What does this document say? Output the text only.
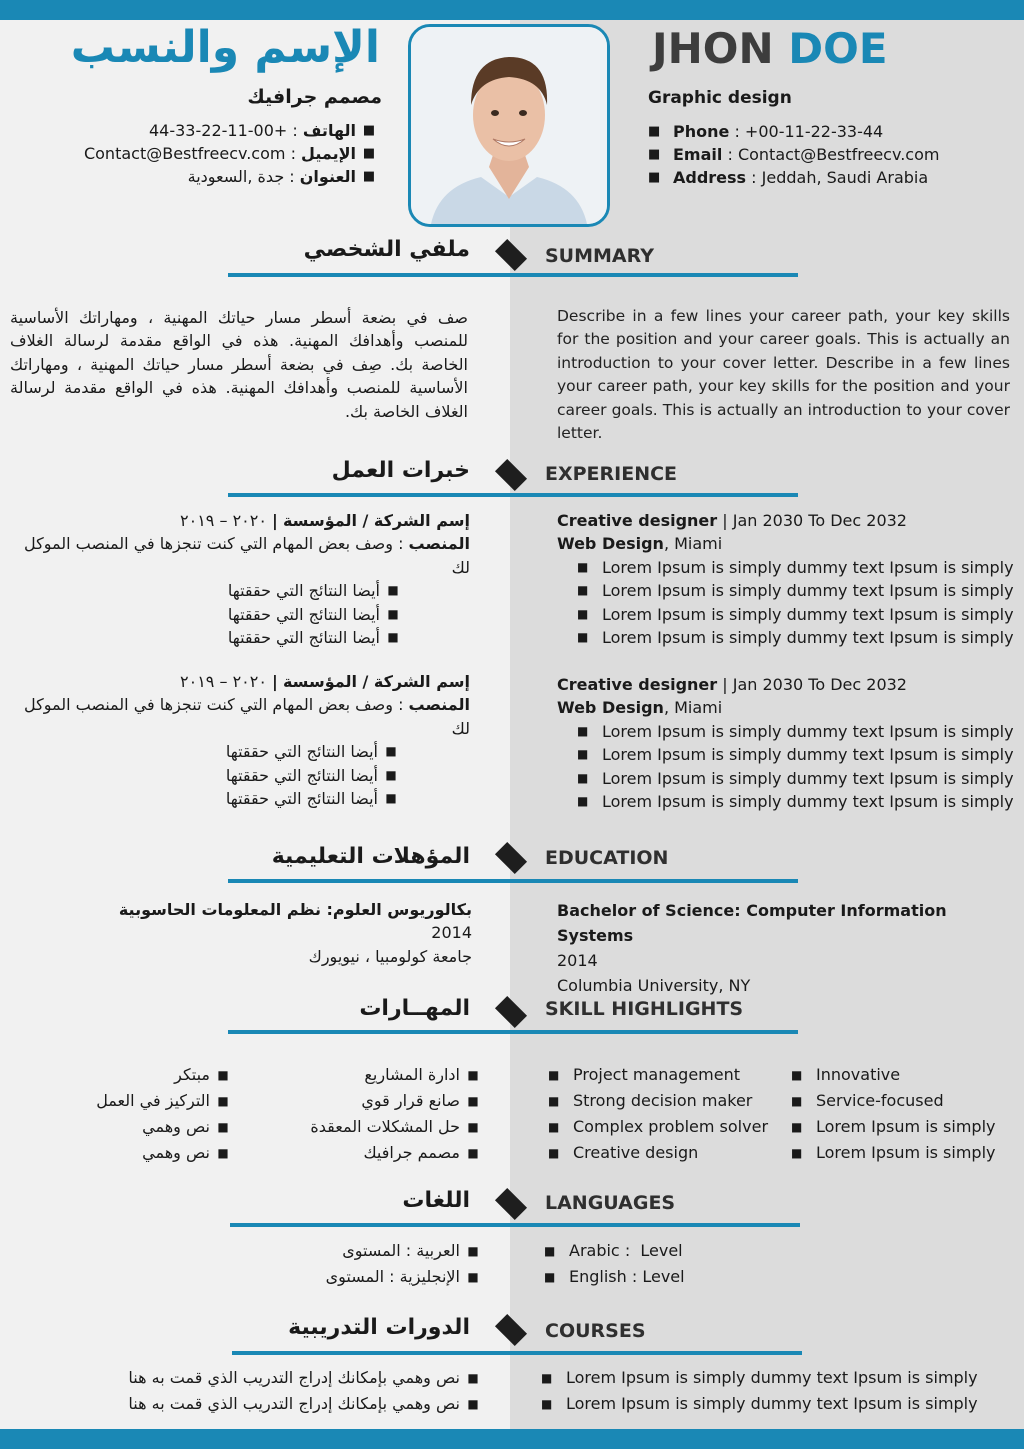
الإسم والنسب
مصمم جرافيك
الهاتف : +00-11-22-33-44	■
الإيميل : Contact@Bestfreecv.com	■
العنوان : جدة ,السعودية	■
JHON DOE
Graphic design
■ Phone : +00-11-22-33-44
■ Email : Contact@Bestfreecv.com
■ Address : Jeddah, Saudi Arabia
ملفي الشخصي	SUMMARY
صف في بضعة أسطر مسار حياتك المهنية ، ومهاراتك الأساسية للمنصب وأهدافك المهنية. هذه في الواقع مقدمة لرسالة الغلاف الخاصة بك. صِف في بضعة أسطر مسار حياتك المهنية ، ومهاراتك الأساسية للمنصب وأهدافك المهنية. هذه في الواقع مقدمة لرسالة الغلاف الخاصة بك.
Describe in a few lines your career path, your key skills for the position and your career goals. This is actually an introduction to your cover letter. Describe in a few lines your career path, your key skills for the position and your career goals. This is actually an introduction to your cover letter.
خبرات العمل	EXPERIENCE
إسم الشركة / المؤسسة | ٢٠٢٠ – ٢٠١٩
المنصب : وصف بعض المهام التي كنت تنجزها في المنصب الموكل لك
■
أيضا النتائج التي حققتها
■
أيضا النتائج التي حققتها
■
أيضا النتائج التي حققتها
إسم الشركة / المؤسسة | ٢٠٢٠ – ٢٠١٩
المنصب : وصف بعض المهام التي كنت تنجزها في المنصب الموكل لك
■
أيضا النتائج التي حققتها
■
أيضا النتائج التي حققتها
■
أيضا النتائج التي حققتها
Creative designer | Jan 2030 To Dec 2032
Web Design, Miami
■ Lorem Ipsum is simply dummy text Ipsum is simply
■ Lorem Ipsum is simply dummy text Ipsum is simply
■ Lorem Ipsum is simply dummy text Ipsum is simply
■ Lorem Ipsum is simply dummy text Ipsum is simply
Creative designer | Jan 2030 To Dec 2032
Web Design, Miami
■ Lorem Ipsum is simply dummy text Ipsum is simply
■ Lorem Ipsum is simply dummy text Ipsum is simply
■ Lorem Ipsum is simply dummy text Ipsum is simply
■ Lorem Ipsum is simply dummy text Ipsum is simply
المؤهلات التعليمية	EDUCATION
بكالوريوس العلوم: نظم المعلومات الحاسوبية
2014
جامعة كولومبيا ، نيويورك
Bachelor of Science: Computer Information Systems
2014
Columbia University, NY
المهــارات	SKILL HIGHLIGHTS
■
ادارة المشاريع
■
صانع قرار قوي
■
حل المشكلات المعقدة
■
مصمم جرافيك
■
مبتكر
■
التركيز في العمل
■
نص وهمي
■
نص وهمي
■ Project management
■ Strong decision maker
■ Complex problem solver
■ Creative design
■ Innovative
■ Service-focused
■ Lorem Ipsum is simply
■ Lorem Ipsum is simply
اللغات	LANGUAGES
■
العربية
:
المستوى
■
الإنجليزية
:
المستوى
■ Arabic : Level
■ English : Level
الدورات التدريبية	COURSES
■
نص وهمي بإمكانك إدراج التدريب الذي قمت به هنا
■
نص وهمي بإمكانك إدراج التدريب الذي قمت به هنا
■ Lorem Ipsum is simply dummy text Ipsum is simply
■ Lorem Ipsum is simply dummy text Ipsum is simply
